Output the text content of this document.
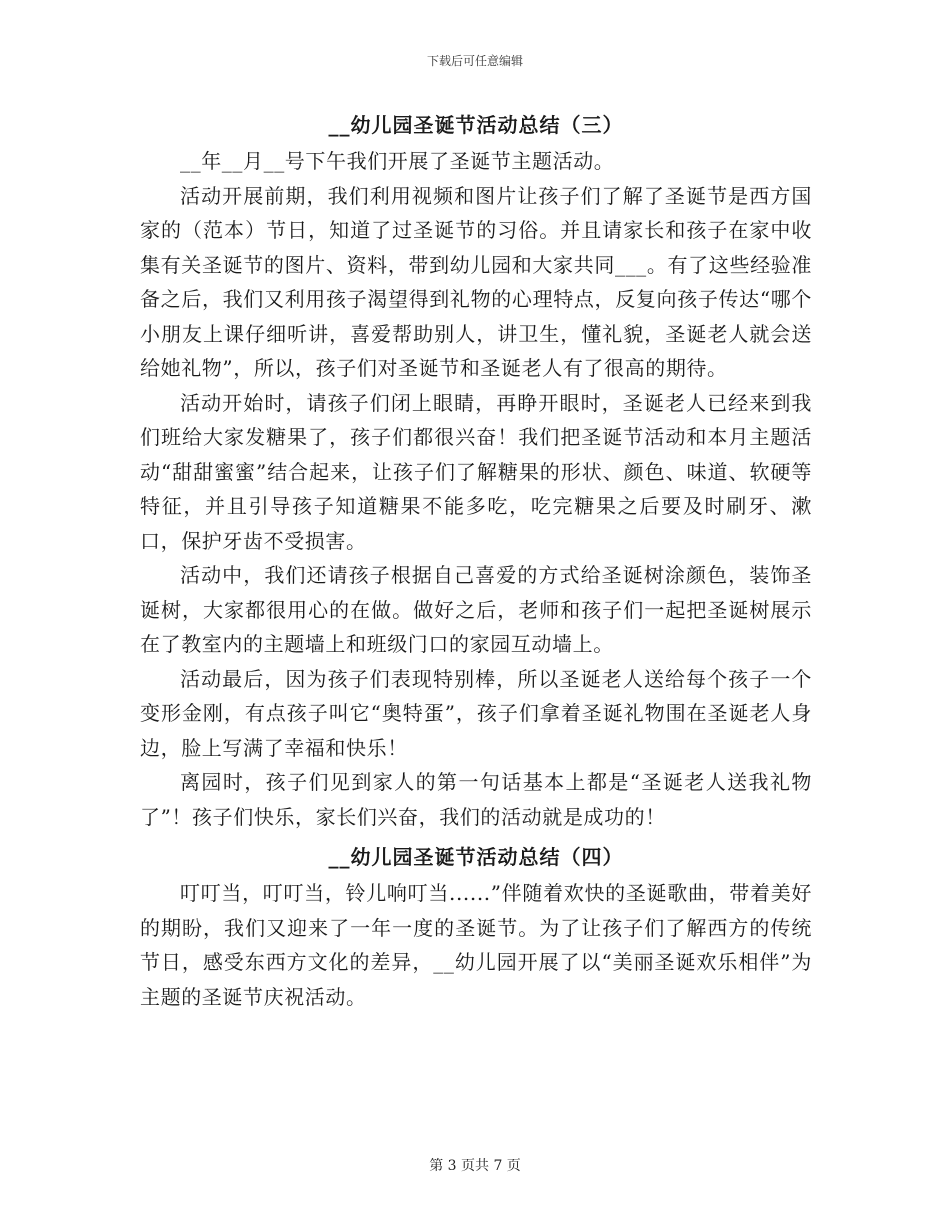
下载后可任意编辑
__幼儿园圣诞节活动总结（三）

__年__月__号下午我们开展了圣诞节主题活动。

活动开展前期，我们利用视频和图片让孩子们了解了圣诞节是西方国家的（范本）节日，知道了过圣诞节的习俗。并且请家长和孩子在家中收集有关圣诞节的图片、资料，带到幼儿园和大家共同___。有了这些经验准备之后，我们又利用孩子渴望得到礼物的心理特点，反复向孩子传达“哪个小朋友上课仔细听讲，喜爱帮助别人，讲卫生，懂礼貌，圣诞老人就会送给她礼物”，所以，孩子们对圣诞节和圣诞老人有了很高的期待。

活动开始时，请孩子们闭上眼睛，再睁开眼时，圣诞老人已经来到我们班给大家发糖果了，孩子们都很兴奋！我们把圣诞节活动和本月主题活动“甜甜蜜蜜”结合起来，让孩子们了解糖果的形状、颜色、味道、软硬等特征，并且引导孩子知道糖果不能多吃，吃完糖果之后要及时刷牙、漱口，保护牙齿不受损害。

活动中，我们还请孩子根据自己喜爱的方式给圣诞树涂颜色，装饰圣诞树，大家都很用心的在做。做好之后，老师和孩子们一起把圣诞树展示在了教室内的主题墙上和班级门口的家园互动墙上。

活动最后，因为孩子们表现特别棒，所以圣诞老人送给每个孩子一个变形金刚，有点孩子叫它“奥特蛋”，孩子们拿着圣诞礼物围在圣诞老人身边，脸上写满了幸福和快乐！

离园时，孩子们见到家人的第一句话基本上都是“圣诞老人送我礼物了”！孩子们快乐，家长们兴奋，我们的活动就是成功的！

__幼儿园圣诞节活动总结（四）

叮叮当，叮叮当，铃儿响叮当......”伴随着欢快的圣诞歌曲，带着美好的期盼，我们又迎来了一年一度的圣诞节。为了让孩子们了解西方的传统节日，感受东西方文化的差异，__幼儿园开展了以“美丽圣诞欢乐相伴”为主题的圣诞节庆祝活动。

第 3 页共 7 页
